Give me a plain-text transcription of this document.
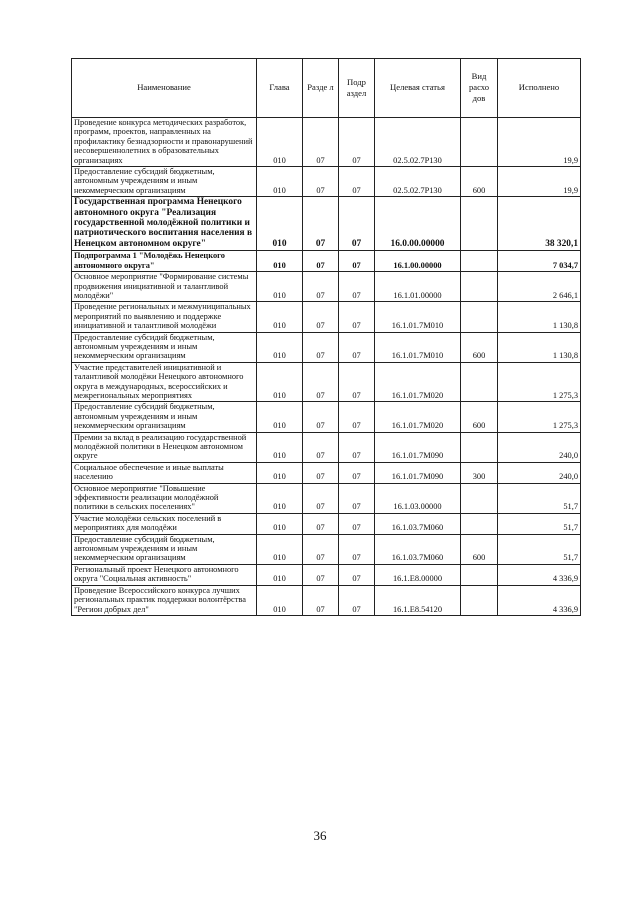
Наименование	Глава	Разде л	Подр аздел	Целевая статья	Вид расхо дов	Исполнено
Проведение конкурса методических разработок, программ, проектов, направленных на профилактику безнадзорности и правонарушений несовершеннолетних в образовательных организациях	010	07	07	02.5.02.7Р130		19,9
Предоставление субсидий бюджетным, автономным учреждениям и иным некоммерческим организациям	010	07	07	02.5.02.7Р130	600	19,9
Государственная программа Ненецкого автономного округа "Реализация государственной молодёжной политики и патриотического воспитания населения в Ненецком автономном округе"	010	07	07	16.0.00.00000		38 320,1
Подпрограмма 1 "Молодёжь Ненецкого автономного округа"	010	07	07	16.1.00.00000		7 034,7
Основное мероприятие "Формирование системы продвижения инициативной и талантливой молодёжи"	010	07	07	16.1.01.00000		2 646,1
Проведение региональных и межмуниципальных мероприятий по выявлению и поддержке инициативной и талантливой молодёжи	010	07	07	16.1.01.7М010		1 130,8
Предоставление субсидий бюджетным, автономным учреждениям и иным некоммерческим организациям	010	07	07	16.1.01.7М010	600	1 130,8
Участие представителей инициативной и талантливой молодёжи Ненецкого автономного округа в международных, всероссийских и межрегиональных мероприятиях	010	07	07	16.1.01.7М020		1 275,3
Предоставление субсидий бюджетным, автономным учреждениям и иным некоммерческим организациям	010	07	07	16.1.01.7М020	600	1 275,3
Премии за вклад в реализацию государственной молодёжной политики в Ненецком автономном округе	010	07	07	16.1.01.7М090		240,0
Социальное обеспечение и иные выплаты населению	010	07	07	16.1.01.7М090	300	240,0
Основное мероприятие "Повышение эффективности реализации молодёжной политики в сельских поселениях"	010	07	07	16.1.03.00000		51,7
Участие молодёжи сельских поселений в мероприятиях для молодёжи	010	07	07	16.1.03.7М060		51,7
Предоставление субсидий бюджетным, автономным учреждениям и иным некоммерческим организациям	010	07	07	16.1.03.7М060	600	51,7
Региональный проект Ненецкого автономного округа "Социальная активность"	010	07	07	16.1.Е8.00000		4 336,9
Проведение Всероссийского конкурса лучших региональных практик поддержки волонтёрства "Регион добрых дел"	010	07	07	16.1.Е8.54120		4 336,9
36
